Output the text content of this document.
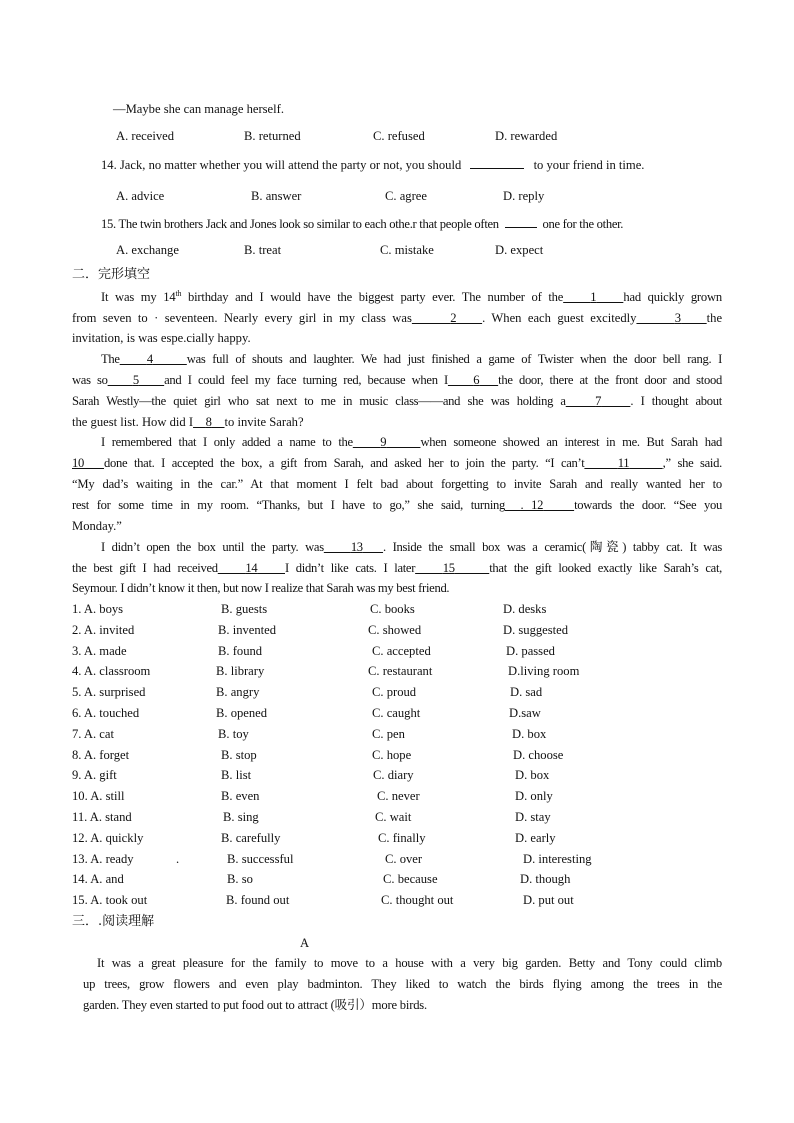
—Maybe she can manage herself.
A. received	B. returned	C. refused	D. rewarded
14. Jack, no matter whether you will attend the party or not, you should	to your friend in time.
A. advice	B. answer	C. agree	D. reply
15. The twin brothers Jack and Jones look so similar to each othe.r that people often	one for the other.
A. exchange	B. treat	C. mistake	D. expect
二．完形填空
It was my 14th birthday and I would have the biggest party ever. The number of the 1 had quickly grown
from seven to · seventeen. Nearly every girl in my class was	2 . When each guest excitedly	3 the
invitation, is was espe.cially happy.
The 4	was full of shouts and laughter. We had just finished a game of Twister when the door bell rang. I
was so 5 and I could feel my face turning red, because when I 6 the door, there at the front door and stood
Sarah Westly—the quiet girl who sat next to me in music class——and she was holding a 7 . I thought about
the guest list. How did I 8 to invite Sarah?
I remembered that I only added a name to the 9	when someone showed an interest in me. But Sarah had
10 done that. I accepted the box, a gift from Sarah, and asked her to join the party. “I can’t	11	,” she said.
“My dad’s waiting in the car.” At that moment I felt bad about forgetting to invite Sarah and really wanted her to
rest for some time in my room. “Thanks, but I have to go,” she said, turning . 12 towards the door. “See you
Monday.”
I didn’t open the box until the party. was 13 . Inside the small box was a ceramic(陶瓷) tabby cat. It was
the best gift I had received 14 I didn’t like cats. I later 15	that the gift looked exactly like Sarah’s cat,
Seymour. I didn’t know it then, but now I realize that Sarah was my best friend.
1. A. boys	B. guests	C. books	D. desks
2. A. invited	B. invented	C. showed	D. suggested
3. A. made	B. found	C. accepted	D. passed
4. A. classroom	B. library	C. restaurant	D.living room
5. A. surprised	B. angry	C. proud	D. sad
6. A. touched	B. opened	C. caught	D.saw
7. A. cat	B. toy	C. pen	D. box
8. A. forget	B. stop	C. hope	D. choose
9. A. gift	B. list	C. diary	D. box
10. A. still	B. even	C. never	D. only
11. A. stand	B. sing	C. wait	D. stay
12. A. quickly	B. carefully	C. finally	D. early
13. A. ready	B. successful	C. over	D. interesting
14. A. and	B. so	C. because	D. though
15. A. took out	B. found out	C. thought out	D. put out
.
三．.阅读理解
A
It was a great pleasure for the family to move to a house with a very big garden. Betty and Tony could climb
up trees, grow flowers and even play badminton. They liked to watch the birds flying among the trees in the
garden. They even started to put food out to attract (吸引）more birds.
